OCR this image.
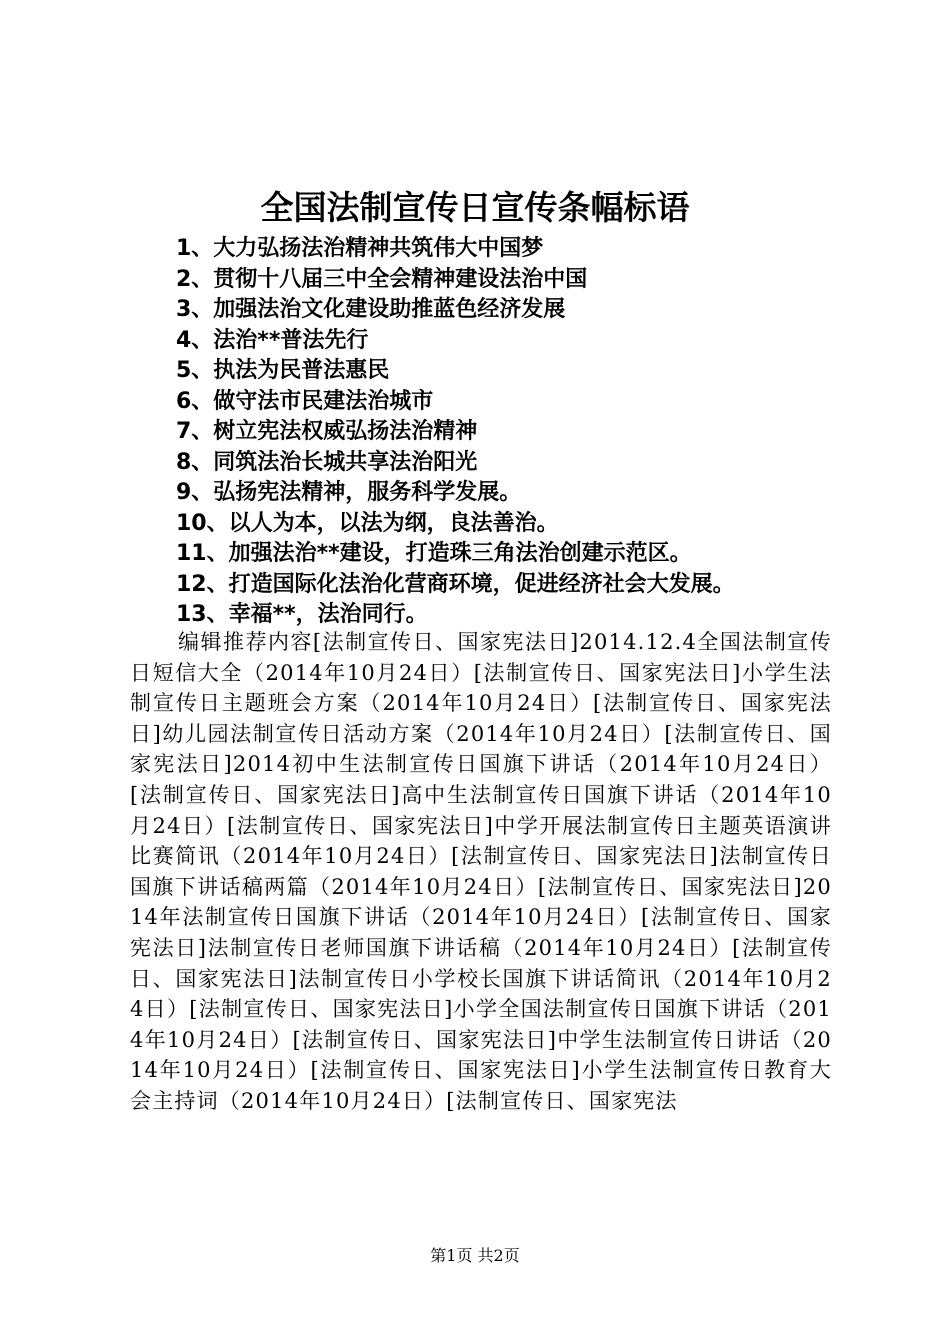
全国法制宣传日宣传条幅标语
1、大力弘扬法治精神共筑伟大中国梦
2、贯彻十八届三中全会精神建设法治中国
3、加强法治文化建设助推蓝色经济发展
4、法治**普法先行
5、执法为民普法惠民
6、做守法市民建法治城市
7、树立宪法权威弘扬法治精神
8、同筑法治长城共享法治阳光
9、弘扬宪法精神，服务科学发展。
10、以人为本，以法为纲，良法善治。
11、加强法治**建设，打造珠三角法治创建示范区。
12、打造国际化法治化营商环境，促进经济社会大发展。
13、幸福**，法治同行。

编辑推荐内容[法制宣传日、国家宪法日]2014.12.4全国法制宣传日短信大全（2014年10月24日）[法制宣传日、国家宪法日]小学生法制宣传日主题班会方案（2014年10月24日）[法制宣传日、国家宪法日]幼儿园法制宣传日活动方案（2014年10月24日）[法制宣传日、国家宪法日]2014初中生法制宣传日国旗下讲话（2014年10月24日）[法制宣传日、国家宪法日]高中生法制宣传日国旗下讲话（2014年10月24日）[法制宣传日、国家宪法日]中学开展法制宣传日主题英语演讲比赛简讯（2014年10月24日）[法制宣传日、国家宪法日]法制宣传日国旗下讲话稿两篇（2014年10月24日）[法制宣传日、国家宪法日]2014年法制宣传日国旗下讲话（2014年10月24日）[法制宣传日、国家宪法日]法制宣传日老师国旗下讲话稿（2014年10月24日）[法制宣传日、国家宪法日]法制宣传日小学校长国旗下讲话简讯（2014年10月24日）[法制宣传日、国家宪法日]小学全国法制宣传日国旗下讲话（2014年10月24日）[法制宣传日、国家宪法日]中学生法制宣传日讲话（2014年10月24日）[法制宣传日、国家宪法日]小学生法制宣传日教育大会主持词（2014年10月24日）[法制宣传日、国家宪法

第1页 共2页
